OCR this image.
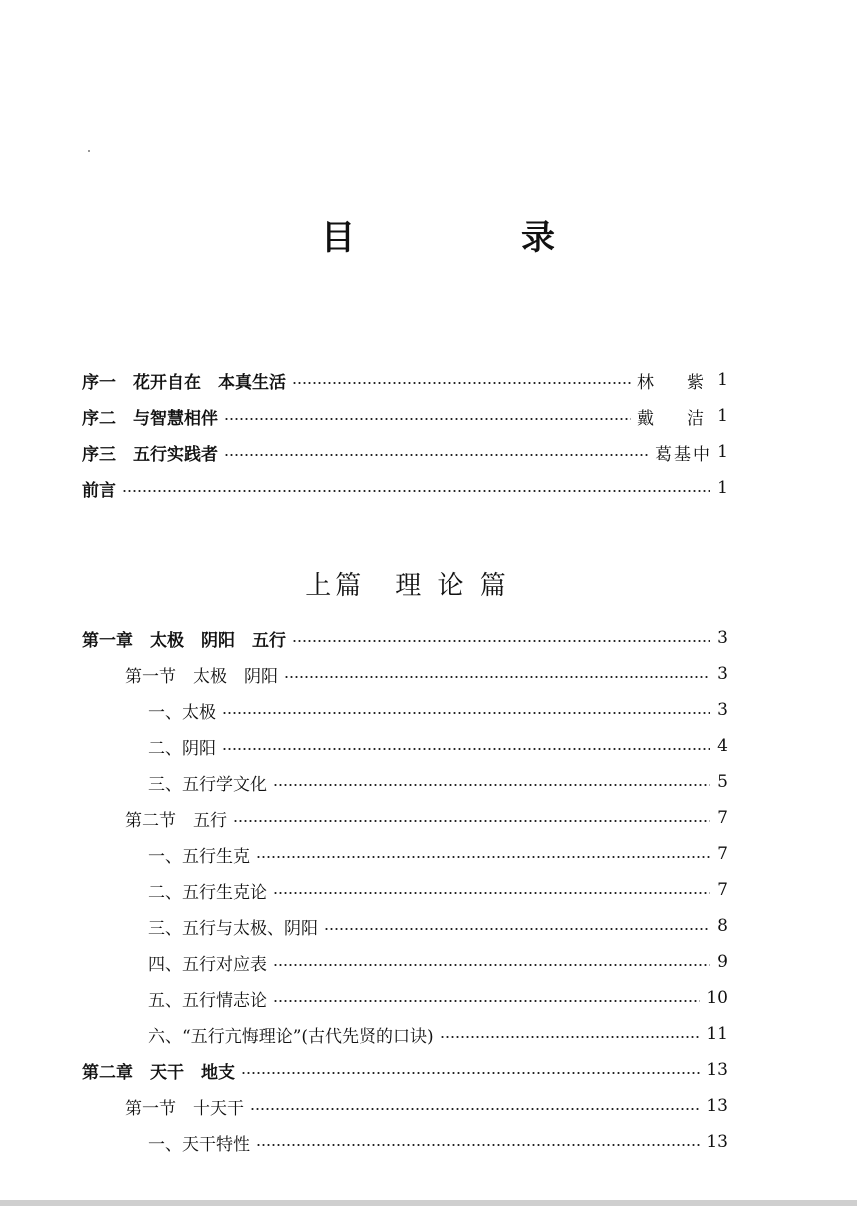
目　录
序一　花开自在　本真生活	林　紫 1
序二　与智慧相伴	戴　洁 1
序三　五行实践者	葛基中 1
前言	1
上篇　理 论 篇
第一章　太极　阴阳　五行	3
第一节　太极　阴阳	3
一、太极	3
二、阴阳	4
三、五行学文化	5
第二节　五行	7
一、五行生克	7
二、五行生克论	7
三、五行与太极、阴阳	8
四、五行对应表	9
五、五行情志论	10
六、“五行亢悔理论”(古代先贤的口诀)	11
第二章　天干　地支	13
第一节　十天干	13
一、天干特性	13
